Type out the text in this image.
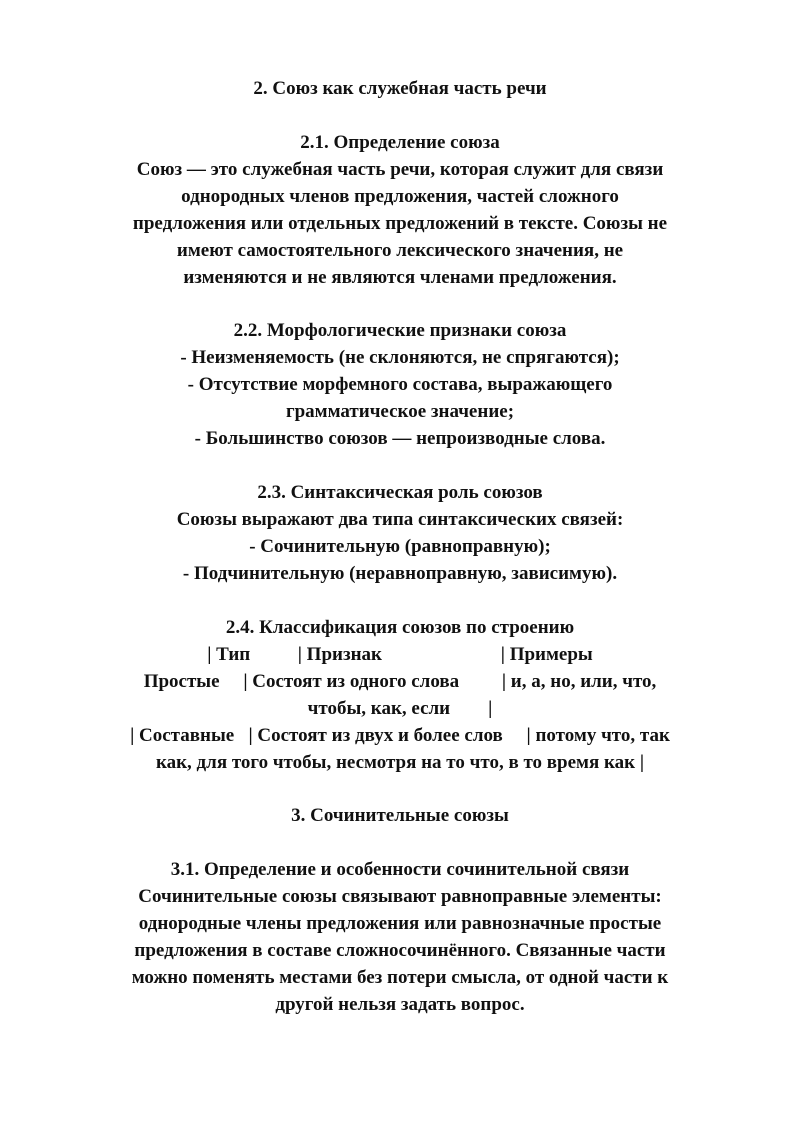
2. Союз как служебная часть речи
2.1. Определение союза
Союз — это служебная часть речи, которая служит для связи
однородных членов предложения, частей сложного
предложения или отдельных предложений в тексте. Союзы не
имеют самостоятельного лексического значения, не
изменяются и не являются членами предложения.
2.2. Морфологические признаки союза
- Неизменяемость (не склоняются, не спрягаются);
- Отсутствие морфемного состава, выражающего
грамматическое значение;
- Большинство союзов — непроизводные слова.
2.3. Синтаксическая роль союзов
Союзы выражают два типа синтаксических связей:
- Сочинительную (равноправную);
- Подчинительную (неравноправную, зависимую).
2.4. Классификация союзов по строению
| Тип          | Признак                         | Примеры
Простые     | Состоят из одного слова         | и, а, но, или, что,
чтобы, как, если        |
| Составные   | Состоят из двух и более слов     | потому что, так
как, для того чтобы, несмотря на то что, в то время как |
3. Сочинительные союзы
3.1. Определение и особенности сочинительной связи
Сочинительные союзы связывают равноправные элементы:
однородные члены предложения или равнозначные простые
предложения в составе сложносочинённого. Связанные части
можно поменять местами без потери смысла, от одной части к
другой нельзя задать вопрос.
